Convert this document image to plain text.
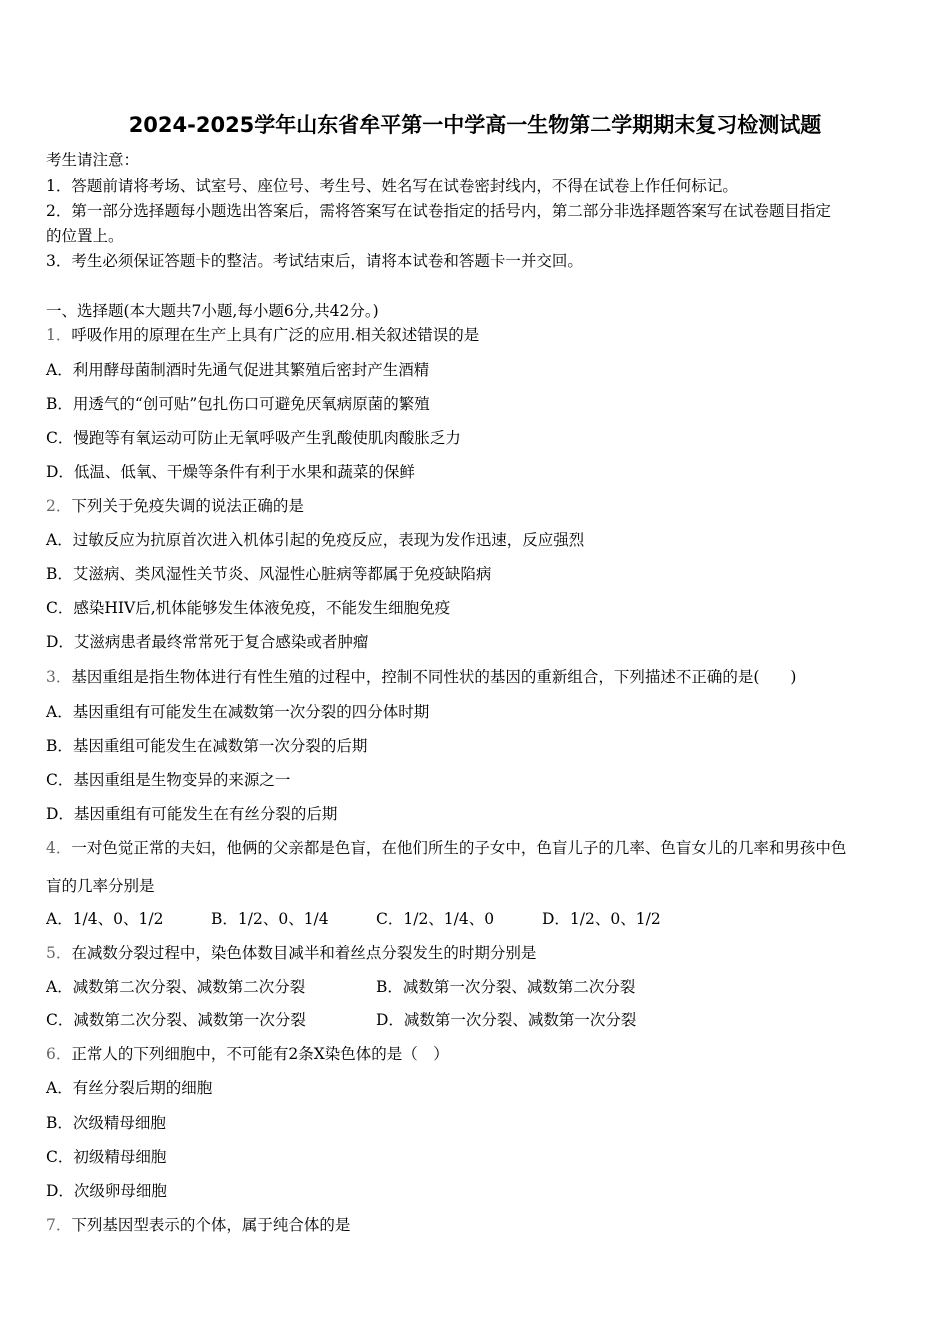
2024-2025学年山东省牟平第一中学高一生物第二学期期末复习检测试题
考生请注意：
1．答题前请将考场、试室号、座位号、考生号、姓名写在试卷密封线内，不得在试卷上作任何标记。
2．第一部分选择题每小题选出答案后，需将答案写在试卷指定的括号内，第二部分非选择题答案写在试卷题目指定
的位置上。
3．考生必须保证答题卡的整洁。考试结束后，请将本试卷和答题卡一并交回。
一、选择题(本大题共7小题,每小题6分,共42分。)
1．呼吸作用的原理在生产上具有广泛的应用.相关叙述错误的是
A．利用酵母菌制酒时先通气促进其繁殖后密封产生酒精
B．用透气的“创可贴”包扎伤口可避免厌氧病原菌的繁殖
C．慢跑等有氧运动可防止无氧呼吸产生乳酸使肌肉酸胀乏力
D．低温、低氧、干燥等条件有利于水果和蔬菜的保鲜
2．下列关于免疫失调的说法正确的是
A．过敏反应为抗原首次进入机体引起的免疫反应，表现为发作迅速，反应强烈
B．艾滋病、类风湿性关节炎、风湿性心脏病等都属于免疫缺陷病
C．感染HIV后,机体能够发生体液免疫，不能发生细胞免疫
D．艾滋病患者最终常常死于复合感染或者肿瘤
3．基因重组是指生物体进行有性生殖的过程中，控制不同性状的基因的重新组合，下列描述不正确的是(　　)
A．基因重组有可能发生在减数第一次分裂的四分体时期
B．基因重组可能发生在减数第一次分裂的后期
C．基因重组是生物变异的来源之一
D．基因重组有可能发生在有丝分裂的后期
4．一对色觉正常的夫妇，他俩的父亲都是色盲，在他们所生的子女中，色盲儿子的几率、色盲女儿的几率和男孩中色
盲的几率分别是
A．1/4、0、1/2	B．1/2、0、1/4	C．1/2、1/4、0	D．1/2、0、1/2
5．在减数分裂过程中，染色体数目减半和着丝点分裂发生的时期分别是
A．减数第二次分裂、减数第二次分裂	B．减数第一次分裂、减数第二次分裂
C．减数第二次分裂、减数第一次分裂	D．减数第一次分裂、减数第一次分裂
6．正常人的下列细胞中，不可能有2条X染色体的是（　）
A．有丝分裂后期的细胞
B．次级精母细胞
C．初级精母细胞
D．次级卵母细胞
7．下列基因型表示的个体，属于纯合体的是
